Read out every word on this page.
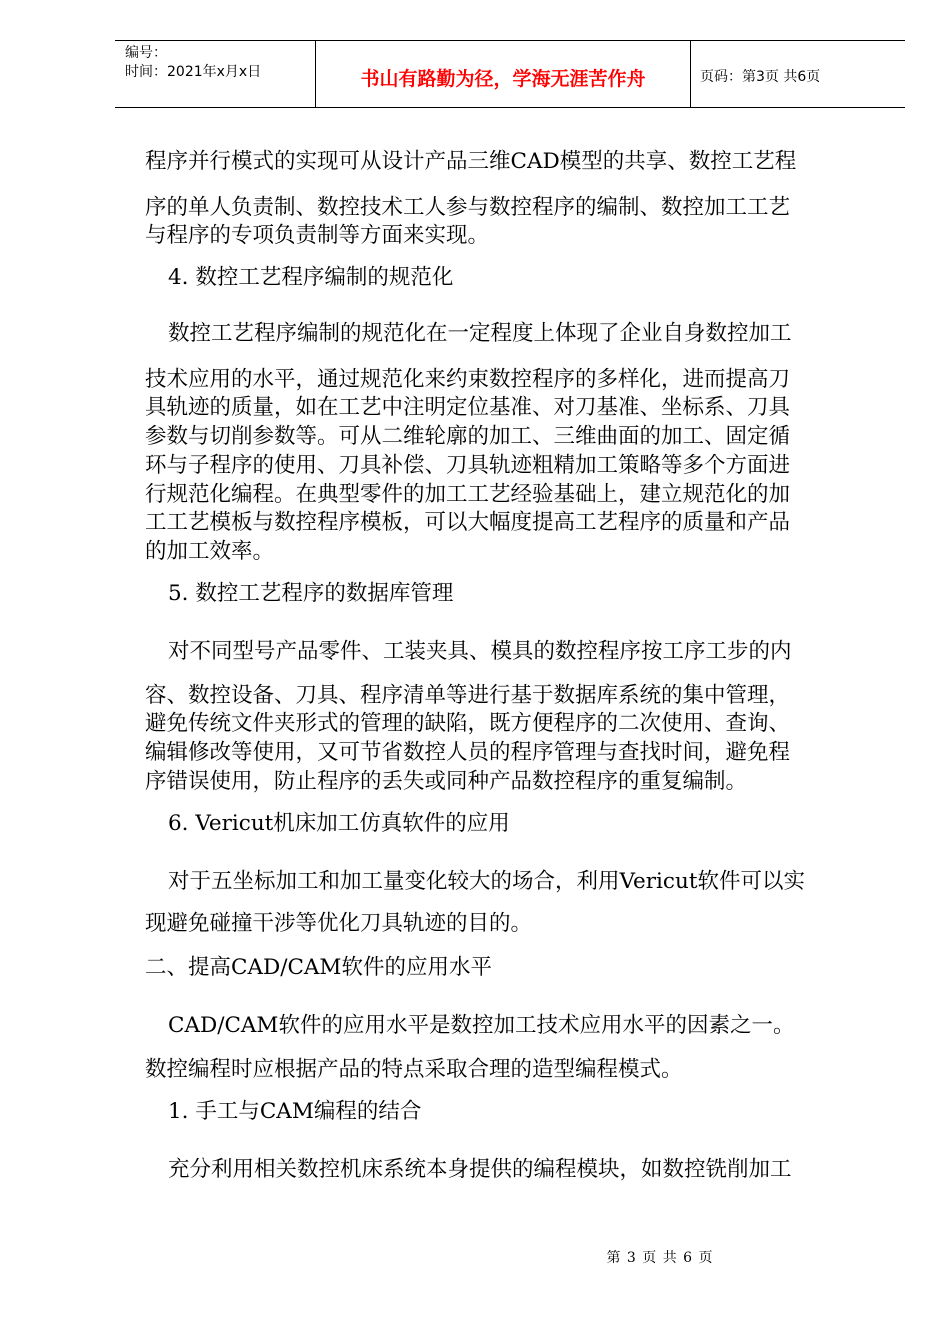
编号：
时间：2021年x月x日	书山有路勤为径，学海无涯苦作舟	页码：第3页 共6页
程序并行模式的实现可从设计产品三维CAD模型的共享、数控工艺程
序的单人负责制、数控技术工人参与数控程序的编制、数控加工工艺
与程序的专项负责制等方面来实现。
4. 数控工艺程序编制的规范化
数控工艺程序编制的规范化在一定程度上体现了企业自身数控加工
技术应用的水平，通过规范化来约束数控程序的多样化，进而提高刀
具轨迹的质量，如在工艺中注明定位基准、对刀基准、坐标系、刀具
参数与切削参数等。可从二维轮廓的加工、三维曲面的加工、固定循
环与子程序的使用、刀具补偿、刀具轨迹粗精加工策略等多个方面进
行规范化编程。在典型零件的加工工艺经验基础上，建立规范化的加
工工艺模板与数控程序模板，可以大幅度提高工艺程序的质量和产品
的加工效率。
5. 数控工艺程序的数据库管理
对不同型号产品零件、工装夹具、模具的数控程序按工序工步的内
容、数控设备、刀具、程序清单等进行基于数据库系统的集中管理，
避免传统文件夹形式的管理的缺陷，既方便程序的二次使用、查询、
编辑修改等使用，又可节省数控人员的程序管理与查找时间，避免程
序错误使用，防止程序的丢失或同种产品数控程序的重复编制。
6. Vericut机床加工仿真软件的应用
对于五坐标加工和加工量变化较大的场合，利用Vericut软件可以实
现避免碰撞干涉等优化刀具轨迹的目的。
二、提高CAD/CAM软件的应用水平
CAD/CAM软件的应用水平是数控加工技术应用水平的因素之一。
数控编程时应根据产品的特点采取合理的造型编程模式。
1. 手工与CAM编程的结合
充分利用相关数控机床系统本身提供的编程模块，如数控铣削加工
第 3 页 共 6 页
